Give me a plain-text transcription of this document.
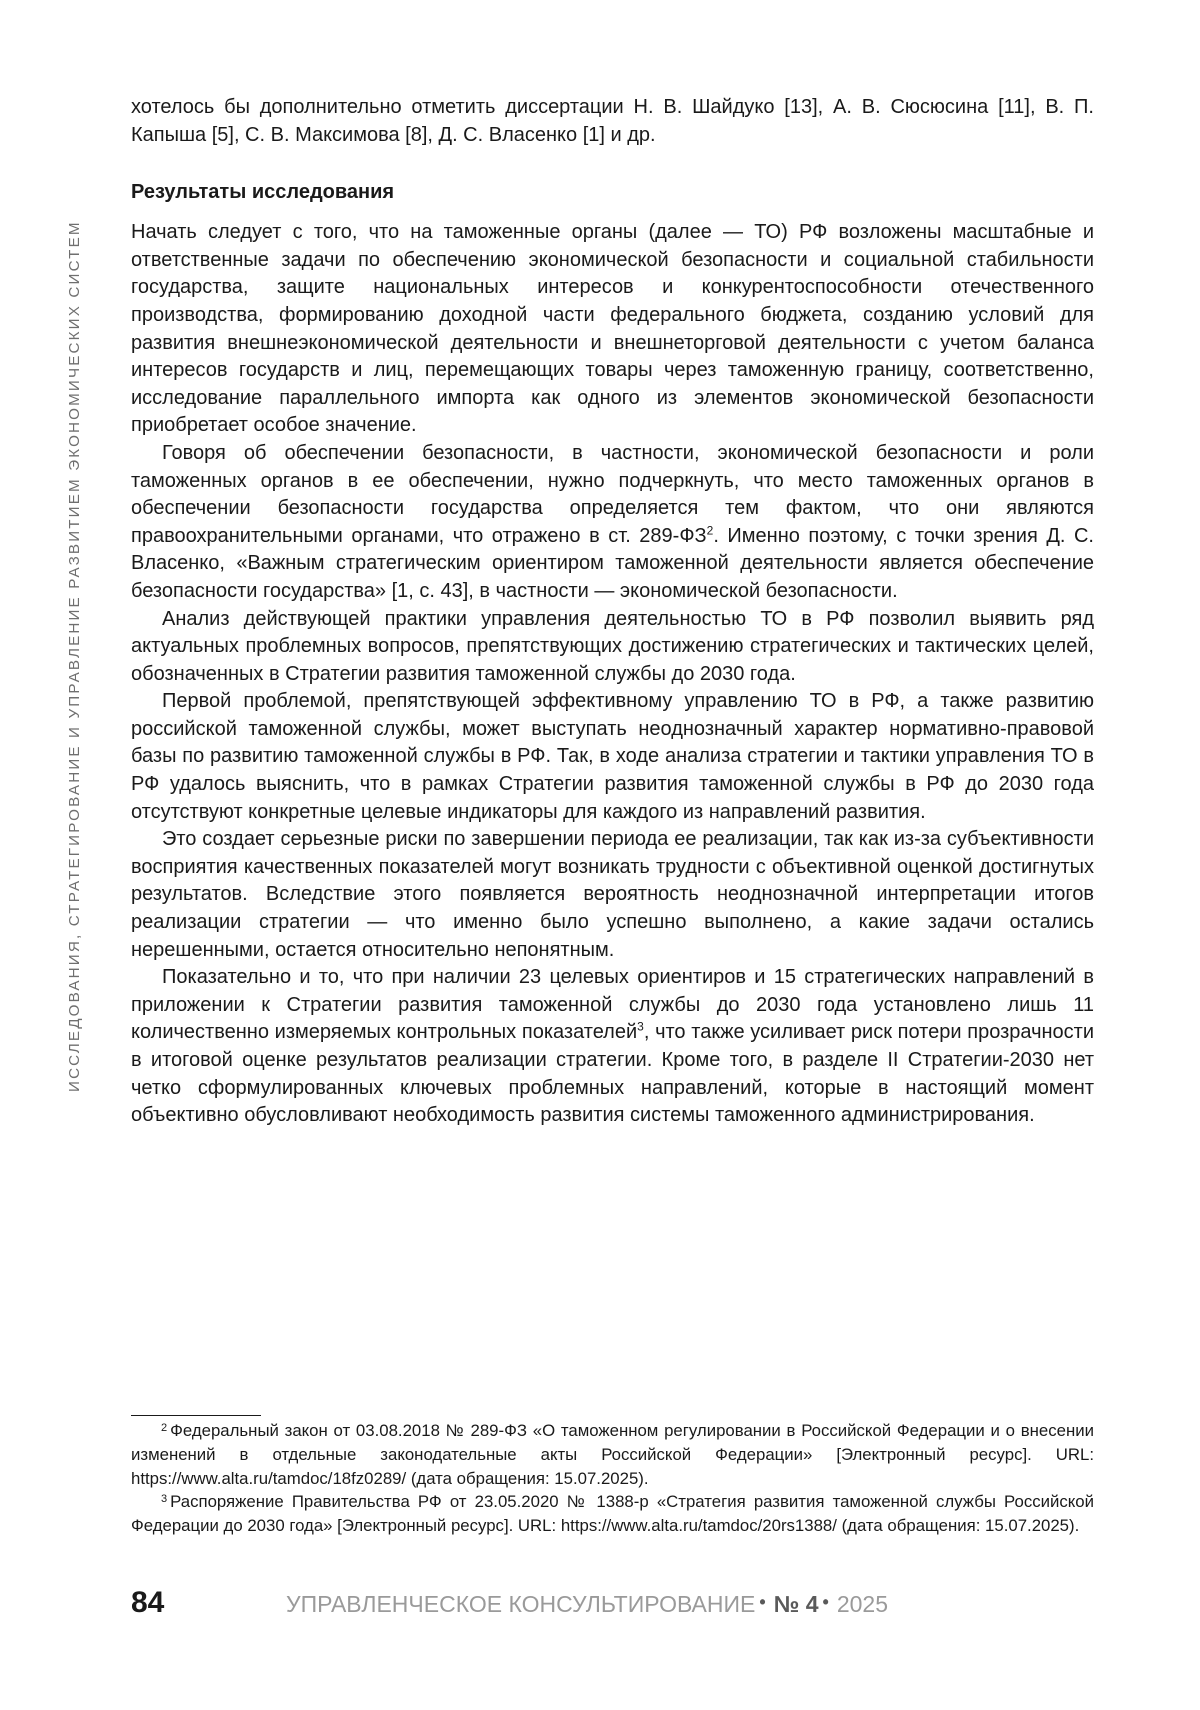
ИССЛЕДОВАНИЯ, СТРАТЕГИРОВАНИЕ И УПРАВЛЕНИЕ РАЗВИТИЕМ ЭКОНОМИЧЕСКИХ СИСТЕМ

хотелось бы дополнительно отметить диссертации Н. В. Шайдуко [13], А. В. Сюсюсина [11], В. П. Капыша [5], С. В. Максимова [8], Д. С. Власенко [1] и др.

Результаты исследования

Начать следует с того, что на таможенные органы (далее — ТО) РФ возложены масштабные и ответственные задачи по обеспечению экономической безопасности и социальной стабильности государства, защите национальных интересов и конкурентоспособности отечественного производства, формированию доходной части федерального бюджета, созданию условий для развития внешнеэкономической деятельности и внешнеторговой деятельности с учетом баланса интересов государств и лиц, перемещающих товары через таможенную границу, соответственно, исследование параллельного импорта как одного из элементов экономической безопасности приобретает особое значение.

Говоря об обеспечении безопасности, в частности, экономической безопасности и роли таможенных органов в ее обеспечении, нужно подчеркнуть, что место таможенных органов в обеспечении безопасности государства определяется тем фактом, что они являются правоохранительными органами, что отражено в ст. $289-ФЗ^2$. Именно поэтому, с точки зрения Д. С. Власенко, «Важным стратегическим ориентиром таможенной деятельности является обеспечение безопасности государства» [1, с. 43], в частности — экономической безопасности.

Анализ действующей практики управления деятельностью ТО в РФ позволил выявить ряд актуальных проблемных вопросов, препятствующих достижению стратегических и тактических целей, обозначенных в Стратегии развития таможенной службы до 2030 года.

Первой проблемой, препятствующей эффективному управлению ТО в РФ, а также развитию российской таможенной службы, может выступать неоднозначный характер нормативно-правовой базы по развитию таможенной службы в РФ. Так, в ходе анализа стратегии и тактики управления ТО в РФ удалось выяснить, что в рамках Стратегии развития таможенной службы в РФ до 2030 года отсутствуют конкретные целевые индикаторы для каждого из направлений развития.

Это создает серьезные риски по завершении периода ее реализации, так как из-за субъективности восприятия качественных показателей могут возникать трудности с объективной оценкой достигнутых результатов. Вследствие этого появляется вероятность неоднозначной интерпретации итогов реализации стратегии — что именно было успешно выполнено, а какие задачи остались нерешенными, остается относительно непонятным.

Показательно и то, что при наличии 23 целевых ориентиров и 15 стратегических направлений в приложении к Стратегии развития таможенной службы до 2030 года установлено лишь 11 количественно измеряемых контрольных показателей$^3$, что также усиливает риск потери прозрачности в итоговой оценке результатов реализации стратегии. Кроме того, в разделе II Стратегии-2030 нет четко сформулированных ключевых проблемных направлений, которые в настоящий момент объективно обусловливают необходимость развития системы таможенного администрирования.

$^2$ Федеральный закон от 03.08.2018 № 289-ФЗ «О таможенном регулировании в Российской Федерации и о внесении изменений в отдельные законодательные акты Российской Федерации» [Электронный ресурс]. URL: https://www.alta.ru/tamdoc/18fz0289/ (дата обращения: 15.07.2025).

$^3$ Распоряжение Правительства РФ от 23.05.2020 № 1388-р «Стратегия развития таможенной службы Российской Федерации до 2030 года» [Электронный ресурс]. URL: https://www.alta.ru/tamdoc/20rs1388/ (дата обращения: 15.07.2025).

84	УПРАВЛЕНЧЕСКОЕ КОНСУЛЬТИРОВАНИЕ • № 4 • 2025
